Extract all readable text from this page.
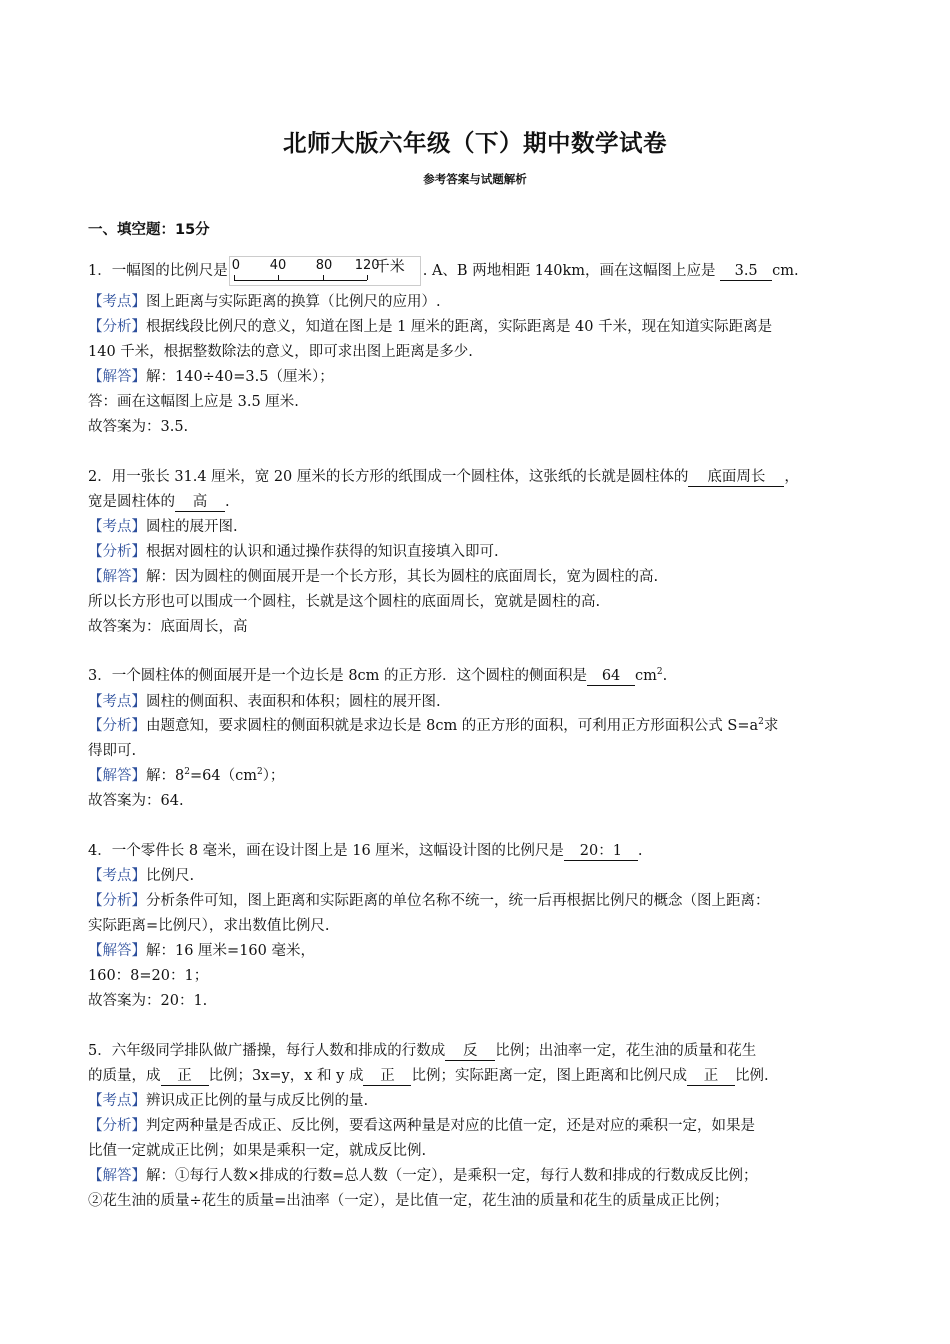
北师大版六年级（下）期中数学试卷
参考答案与试题解析
一、填空题：15分
1．一幅图的比例尺是 0 40 80 120
千米 . A、B 两地相距 140km，画在这幅图上应是 3.5 cm.
【考点】图上距离与实际距离的换算（比例尺的应用）.
【分析】根据线段比例尺的意义，知道在图上是 1 厘米的距离，实际距离是 40 千米，现在知道实际距离是
140 千米，根据整数除法的意义，即可求出图上距离是多少.
【解答】解：140÷40=3.5（厘米）；
答：画在这幅图上应是 3.5 厘米.
故答案为：3.5.
2．用一张长 31.4 厘米，宽 20 厘米的长方形的纸围成一个圆柱体，这张纸的长就是圆柱体的 底面周长 ，
宽是圆柱体的 高 .
【考点】圆柱的展开图.
【分析】根据对圆柱的认识和通过操作获得的知识直接填入即可.
【解答】解：因为圆柱的侧面展开是一个长方形，其长为圆柱的底面周长，宽为圆柱的高.
所以长方形也可以围成一个圆柱，长就是这个圆柱的底面周长，宽就是圆柱的高.
故答案为：底面周长，高
3．一个圆柱体的侧面展开是一个边长是 8cm 的正方形．这个圆柱的侧面积是 64 $cm^2$.
【考点】圆柱的侧面积、表面积和体积；圆柱的展开图.
【分析】由题意知，要求圆柱的侧面积就是求边长是 8cm 的正方形的面积，可利用正方形面积公式 $S=a^2$求
得即可.
【解答】解：$8^2=64(cm^2)$；
故答案为：64.
4．一个零件长 8 毫米，画在设计图上是 16 厘米，这幅设计图的比例尺是 20：1 .
【考点】比例尺.
【分析】分析条件可知，图上距离和实际距离的单位名称不统一，统一后再根据比例尺的概念（图上距离：
实际距离=比例尺），求出数值比例尺.
【解答】解：16 厘米=160 毫米，
160：8=20：1；
故答案为：20：1.
5．六年级同学排队做广播操，每行人数和排成的行数成 反 比例；出油率一定，花生油的质量和花生
的质量，成 正 比例；3x=y，x 和 y 成 正 比例；实际距离一定，图上距离和比例尺成 正 比例.
【考点】辨识成正比例的量与成反比例的量.
【分析】判定两种量是否成正、反比例，要看这两种量是对应的比值一定，还是对应的乘积一定，如果是
比值一定就成正比例；如果是乘积一定，就成反比例.
【解答】解：①每行人数×排成的行数=总人数（一定），是乘积一定，每行人数和排成的行数成反比例；
②花生油的质量÷花生的质量=出油率（一定），是比值一定，花生油的质量和花生的质量成正比例；
